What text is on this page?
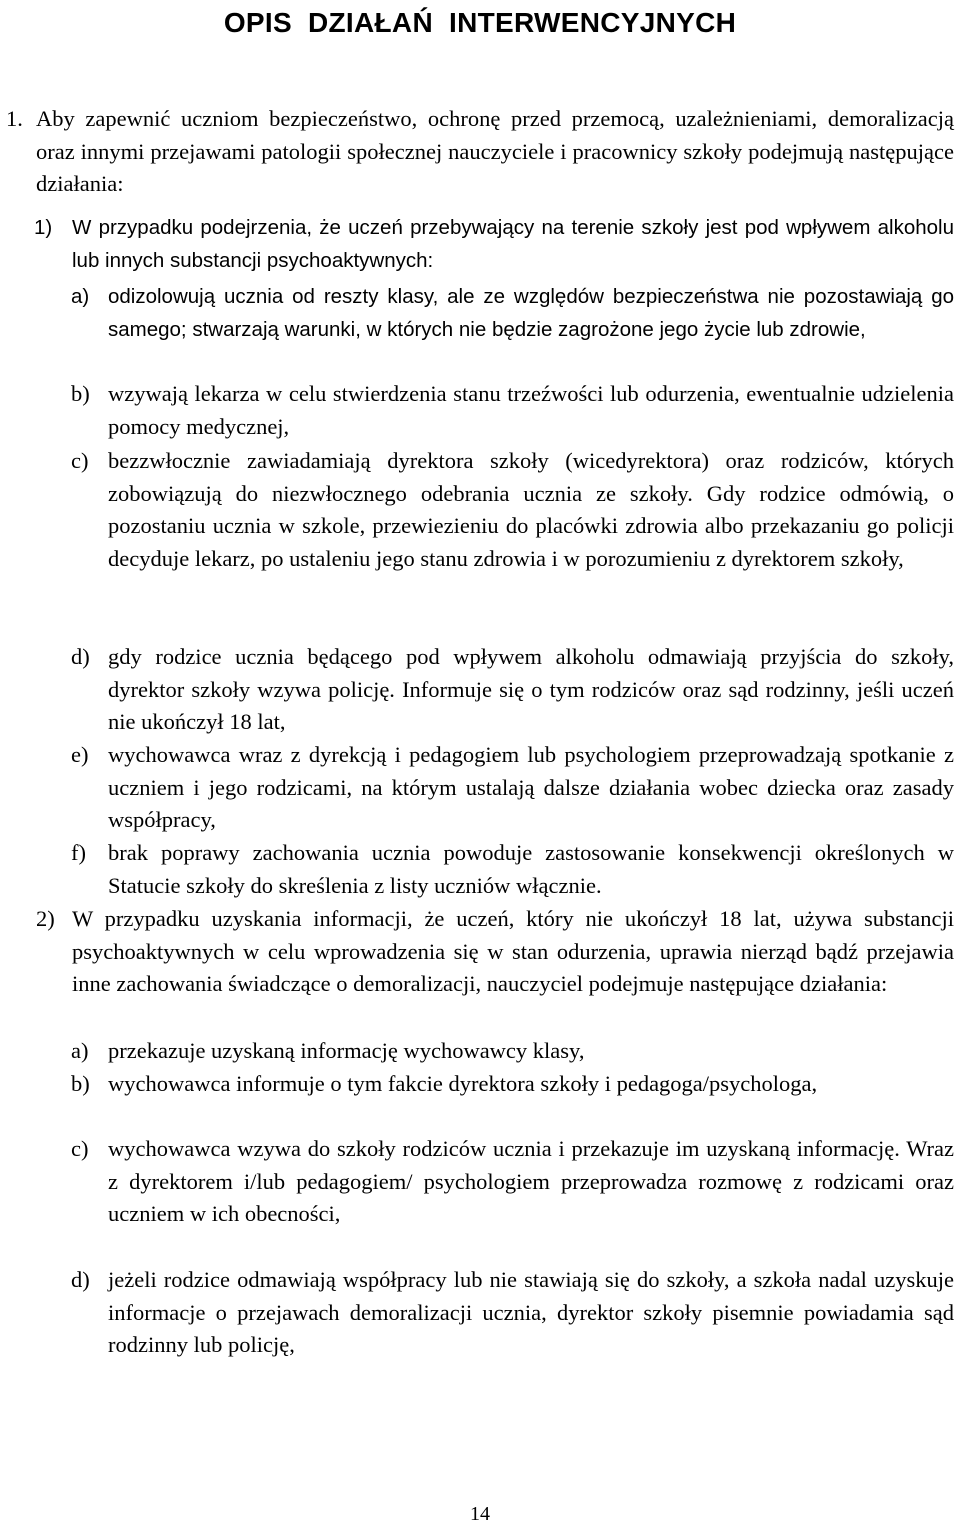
OPIS DZIAŁAŃ INTERWENCYJNYCH

1. Aby zapewnić uczniom bezpieczeństwo, ochronę przed przemocą, uzależnieniami, demoralizacją oraz innymi przejawami patologii społecznej nauczyciele i pracownicy szkoły podejmują następujące działania:

1) W przypadku podejrzenia, że uczeń przebywający na terenie szkoły jest pod wpływem alkoholu lub innych substancji psychoaktywnych:

a) odizolowują ucznia od reszty klasy, ale ze względów bezpieczeństwa nie pozostawiają go samego; stwarzają warunki, w których nie będzie zagrożone jego życie lub zdrowie,

b) wzywają lekarza w celu stwierdzenia stanu trzeźwości lub odurzenia, ewentualnie udzielenia pomocy medycznej,

c) bezzwłocznie zawiadamiają dyrektora szkoły (wicedyrektora) oraz rodziców, których zobowiązują do niezwłocznego odebrania ucznia ze szkoły. Gdy rodzice odmówią, o pozostaniu ucznia w szkole, przewiezieniu do placówki zdrowia albo przekazaniu go policji decyduje lekarz, po ustaleniu jego stanu zdrowia i w porozumieniu z dyrektorem szkoły,

d) gdy rodzice ucznia będącego pod wpływem alkoholu odmawiają przyjścia do szkoły, dyrektor szkoły wzywa policję. Informuje się o tym rodziców oraz sąd rodzinny, jeśli uczeń nie ukończył 18 lat,

e) wychowawca wraz z dyrekcją i pedagogiem lub psychologiem przeprowadzają spotkanie z uczniem i jego rodzicami, na którym ustalają dalsze działania wobec dziecka oraz zasady współpracy,

f) brak poprawy zachowania ucznia powoduje zastosowanie konsekwencji określonych w Statucie szkoły do skreślenia z listy uczniów włącznie.

2) W przypadku uzyskania informacji, że uczeń, który nie ukończył 18 lat, używa substancji psychoaktywnych w celu wprowadzenia się w stan odurzenia, uprawia nierząd bądź przejawia inne zachowania świadczące o demoralizacji, nauczyciel podejmuje następujące działania:

a) przekazuje uzyskaną informację wychowawcy klasy,

b) wychowawca informuje o tym fakcie dyrektora szkoły i pedagoga/psychologa,

c) wychowawca wzywa do szkoły rodziców ucznia i przekazuje im uzyskaną informację. Wraz z dyrektorem i/lub pedagogiem/ psychologiem przeprowadza rozmowę z rodzicami oraz uczniem w ich obecności,

d) jeżeli rodzice odmawiają współpracy lub nie stawiają się do szkoły, a szkoła nadal uzyskuje informacje o przejawach demoralizacji ucznia, dyrektor szkoły pisemnie powiadamia sąd rodzinny lub policję,

14
